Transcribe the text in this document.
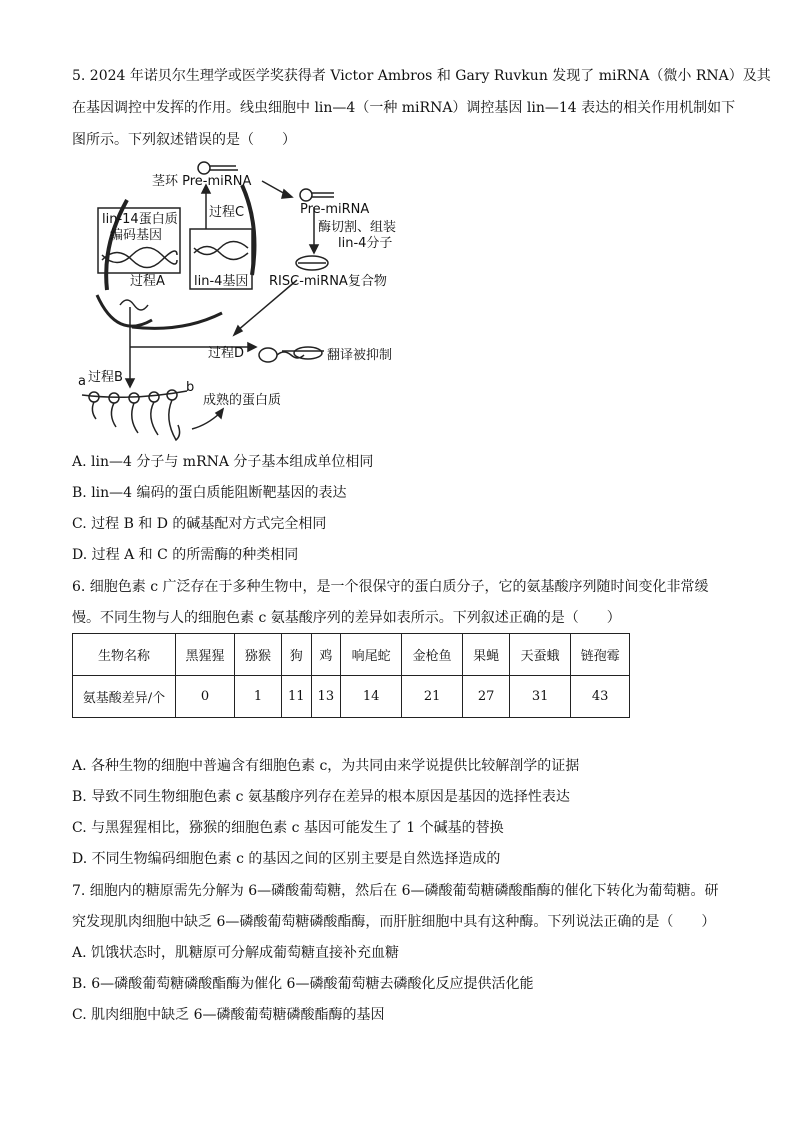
5. 2024 年诺贝尔生理学或医学奖获得者 Victor Ambros 和 Gary Ruvkun 发现了 miRNA（微小 RNA）及其
在基因调控中发挥的作用。线虫细胞中 lin—4（一种 miRNA）调控基因 lin—14 表达的相关作用机制如下
图所示。下列叙述错误的是（　　）
茎环 Pre-miRNA
Pre-miRNA
酶切割、组装
lin-4分子
过程C
lin-14蛋白质
编码基因
lin-4基因 RISC-miRNA复合物
过程A
过程D	翻译被抑制
过程B
a	b
成熟的蛋白质
A. lin—4 分子与 mRNA 分子基本组成单位相同
B. lin—4 编码的蛋白质能阻断靶基因的表达
C. 过程 B 和 D 的碱基配对方式完全相同
D. 过程 A 和 C 的所需酶的种类相同
6. 细胞色素 c 广泛存在于多种生物中，是一个很保守的蛋白质分子，它的氨基酸序列随时间变化非常缓
慢。不同生物与人的细胞色素 c 氨基酸序列的差异如表所示。下列叙述正确的是（　　）
生物名称	黑猩猩	猕猴	狗	鸡	响尾蛇	金枪鱼	果蝇	天蚕蛾	链孢霉
氨基酸差异/个	0	1	11	13	14	21	27	31	43
A. 各种生物的细胞中普遍含有细胞色素 c，为共同由来学说提供比较解剖学的证据
B. 导致不同生物细胞色素 c 氨基酸序列存在差异的根本原因是基因的选择性表达
C. 与黑猩猩相比，猕猴的细胞色素 c 基因可能发生了 1 个碱基的替换
D. 不同生物编码细胞色素 c 的基因之间的区别主要是自然选择造成的
7. 细胞内的糖原需先分解为 6—磷酸葡萄糖，然后在 6—磷酸葡萄糖磷酸酯酶的催化下转化为葡萄糖。研
究发现肌肉细胞中缺乏 6—磷酸葡萄糖磷酸酯酶，而肝脏细胞中具有这种酶。下列说法正确的是（　　）
A. 饥饿状态时，肌糖原可分解成葡萄糖直接补充血糖
B. 6—磷酸葡萄糖磷酸酯酶为催化 6—磷酸葡萄糖去磷酸化反应提供活化能
C. 肌肉细胞中缺乏 6—磷酸葡萄糖磷酸酯酶的基因
